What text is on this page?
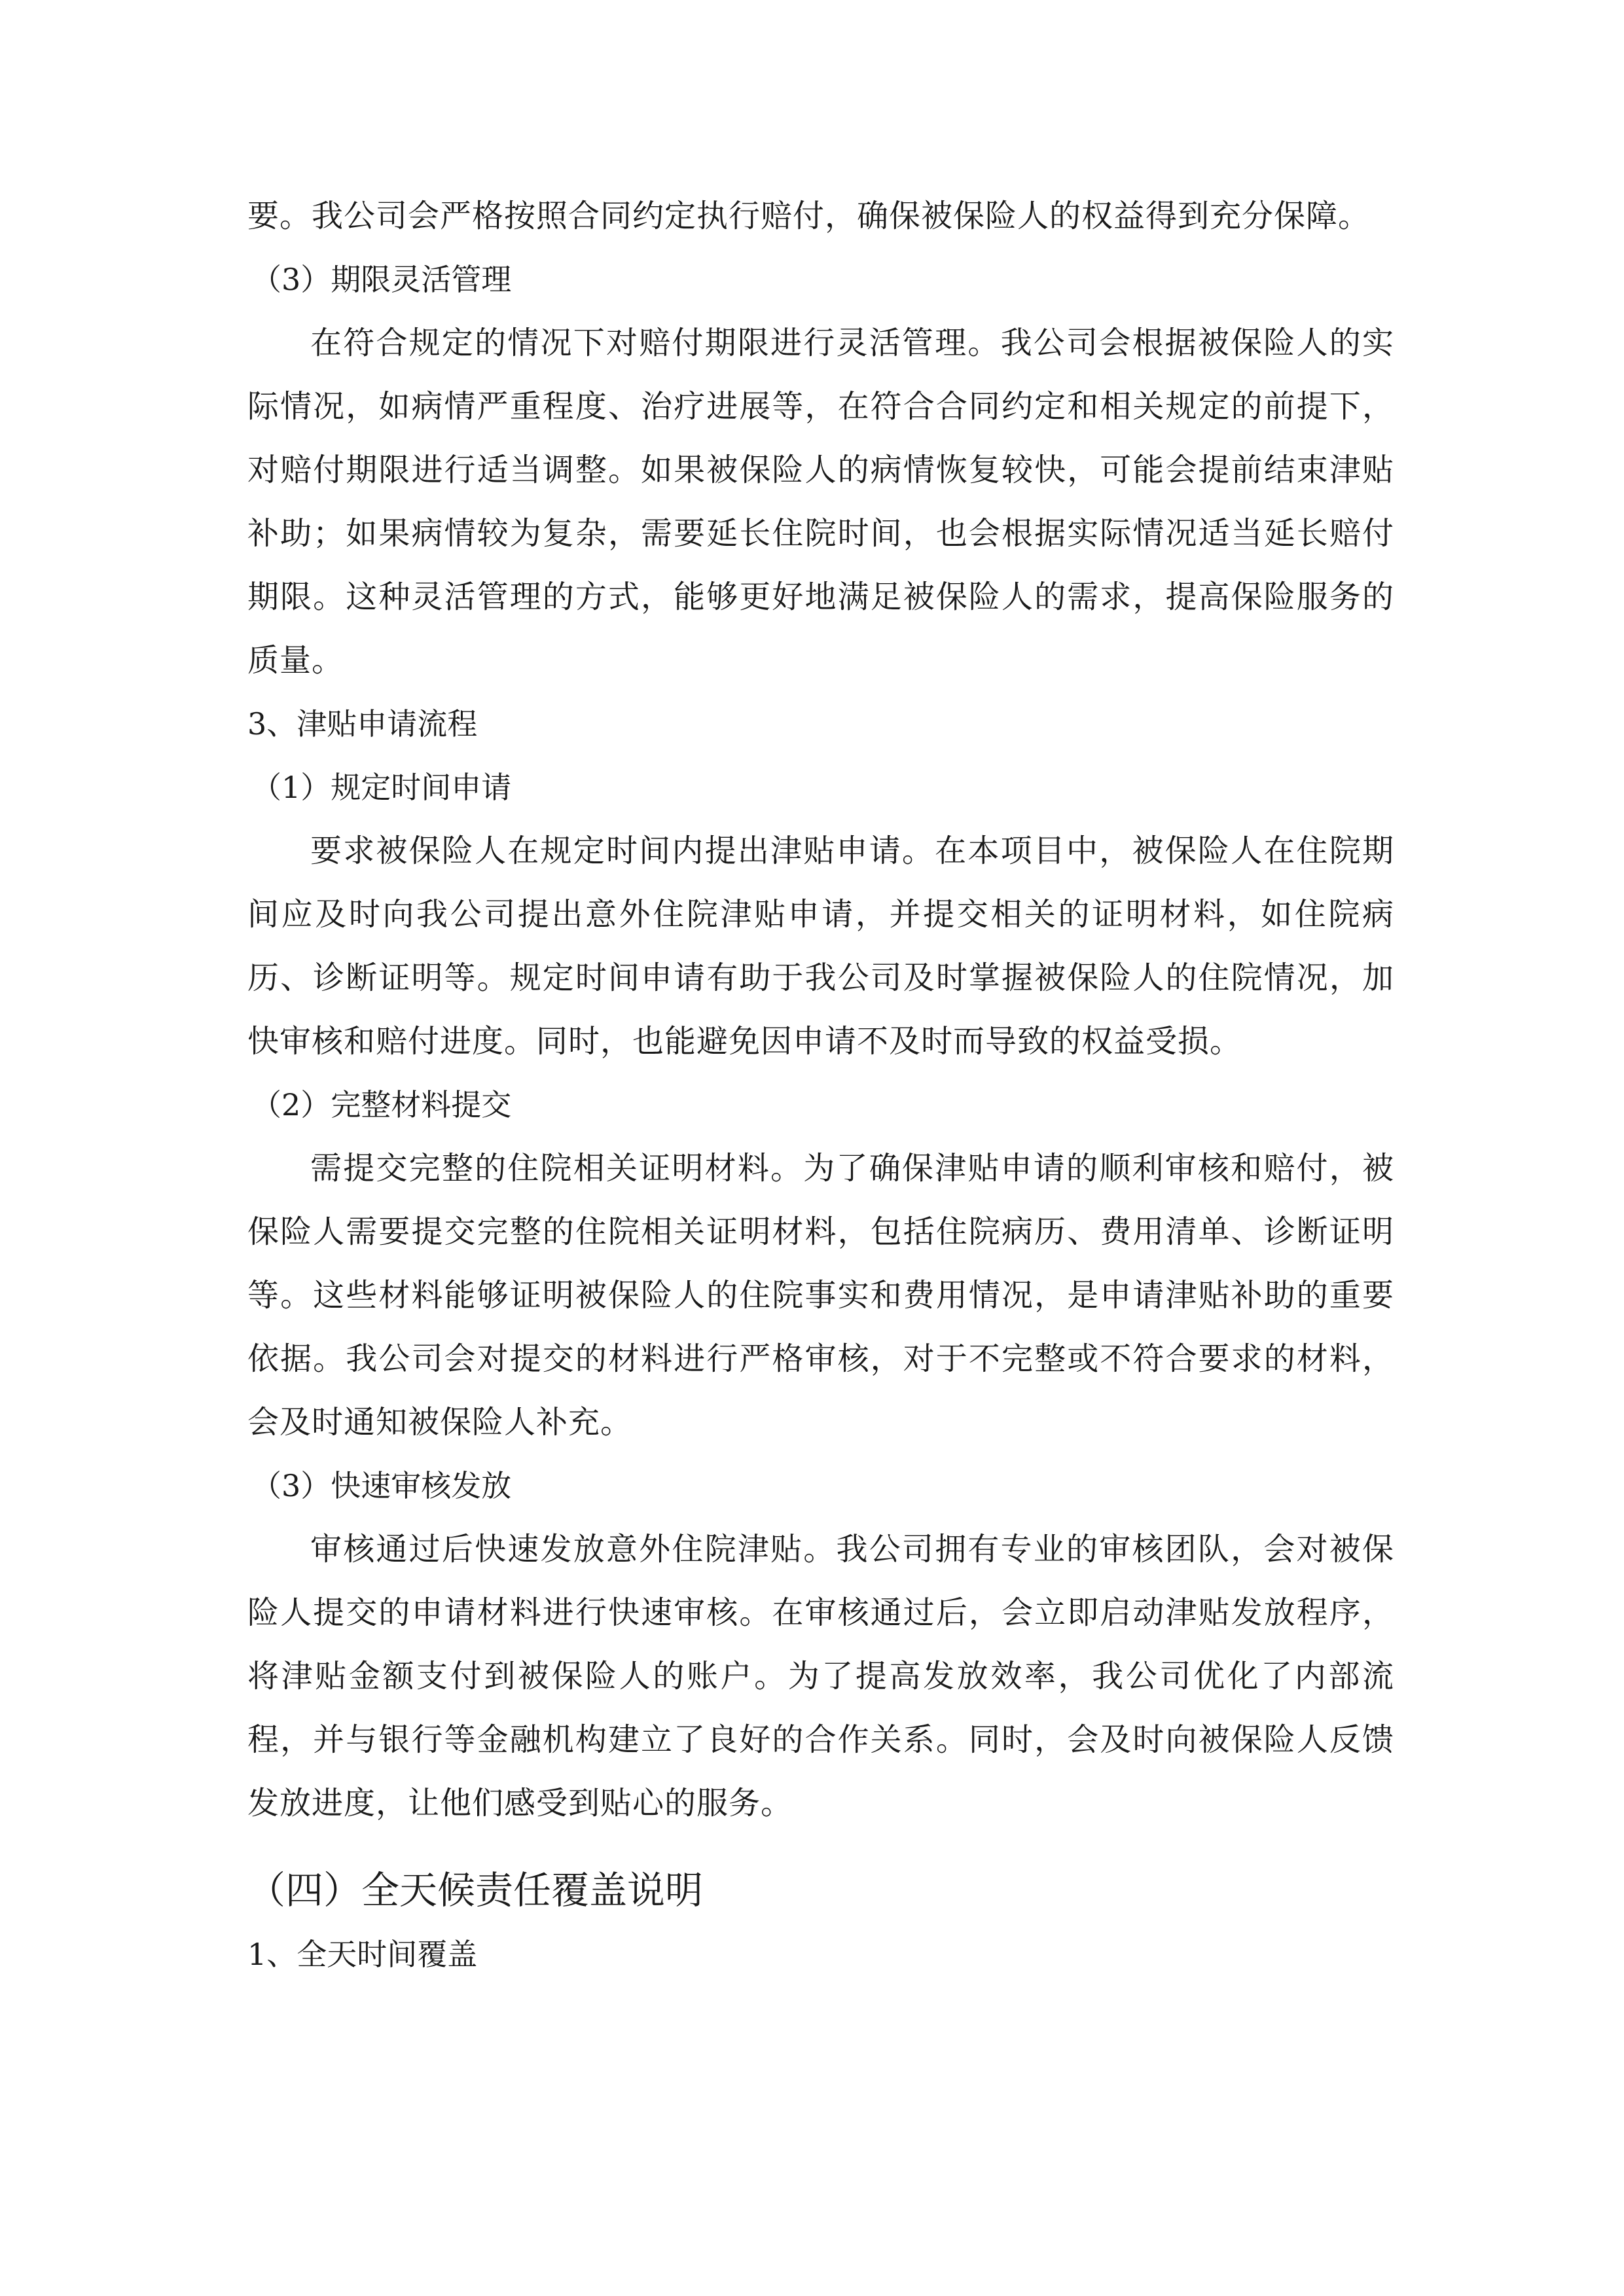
要。我公司会严格按照合同约定执行赔付，确保被保险人的权益得到充分保障。

（3）期限灵活管理

在符合规定的情况下对赔付期限进行灵活管理。我公司会根据被保险人的实际情况，如病情严重程度、治疗进展等，在符合合同约定和相关规定的前提下，对赔付期限进行适当调整。如果被保险人的病情恢复较快，可能会提前结束津贴补助；如果病情较为复杂，需要延长住院时间，也会根据实际情况适当延长赔付期限。这种灵活管理的方式，能够更好地满足被保险人的需求，提高保险服务的质量。

3、津贴申请流程

（1）规定时间申请

要求被保险人在规定时间内提出津贴申请。在本项目中，被保险人在住院期间应及时向我公司提出意外住院津贴申请，并提交相关的证明材料，如住院病历、诊断证明等。规定时间申请有助于我公司及时掌握被保险人的住院情况，加快审核和赔付进度。同时，也能避免因申请不及时而导致的权益受损。

（2）完整材料提交

需提交完整的住院相关证明材料。为了确保津贴申请的顺利审核和赔付，被保险人需要提交完整的住院相关证明材料，包括住院病历、费用清单、诊断证明等。这些材料能够证明被保险人的住院事实和费用情况，是申请津贴补助的重要依据。我公司会对提交的材料进行严格审核，对于不完整或不符合要求的材料，会及时通知被保险人补充。

（3）快速审核发放

审核通过后快速发放意外住院津贴。我公司拥有专业的审核团队，会对被保险人提交的申请材料进行快速审核。在审核通过后，会立即启动津贴发放程序，将津贴金额支付到被保险人的账户。为了提高发放效率，我公司优化了内部流程，并与银行等金融机构建立了良好的合作关系。同时，会及时向被保险人反馈发放进度，让他们感受到贴心的服务。

（四）全天候责任覆盖说明

1、全天时间覆盖
